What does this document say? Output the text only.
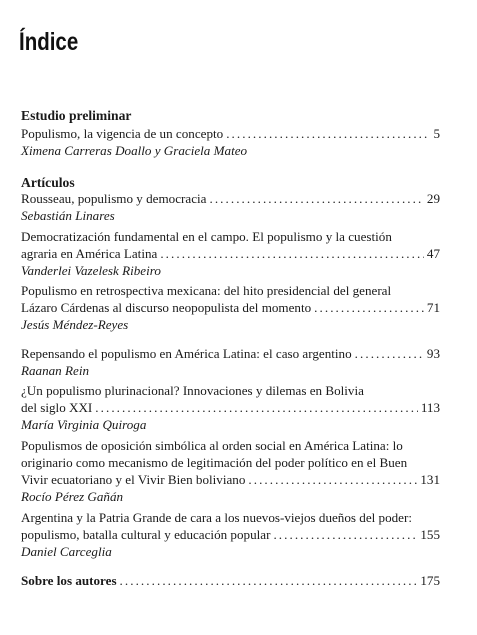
Índice
Estudio preliminar
Populismo, la vigencia de un concepto . . .	5
Ximena Carreras Doallo y Graciela Mateo
Artículos
Rousseau, populismo y democracia . . .	29
Sebastián Linares
Democratización fundamental en el campo. El populismo y la cuestión
agraria en América Latina . . .	47
Vanderlei Vazelesk Ribeiro
Populismo en retrospectiva mexicana: del hito presidencial del general
Lázaro Cárdenas al discurso neopopulista del momento . . .	71
Jesús Méndez-Reyes
Repensando el populismo en América Latina: el caso argentino . . .	93
Raanan Rein
¿Un populismo plurinacional? Innovaciones y dilemas en Bolivia
del siglo XXI . . .	113
María Virginia Quiroga
Populismos de oposición simbólica al orden social en América Latina: lo
originario como mecanismo de legitimación del poder político en el Buen
Vivir ecuatoriano y el Vivir Bien boliviano . . .	131
Rocío Pérez Gañán
Argentina y la Patria Grande de cara a los nuevos-viejos dueños del poder:
populismo, batalla cultural y educación popular . . .	155
Daniel Carceglia
Sobre los autores . . .	175
